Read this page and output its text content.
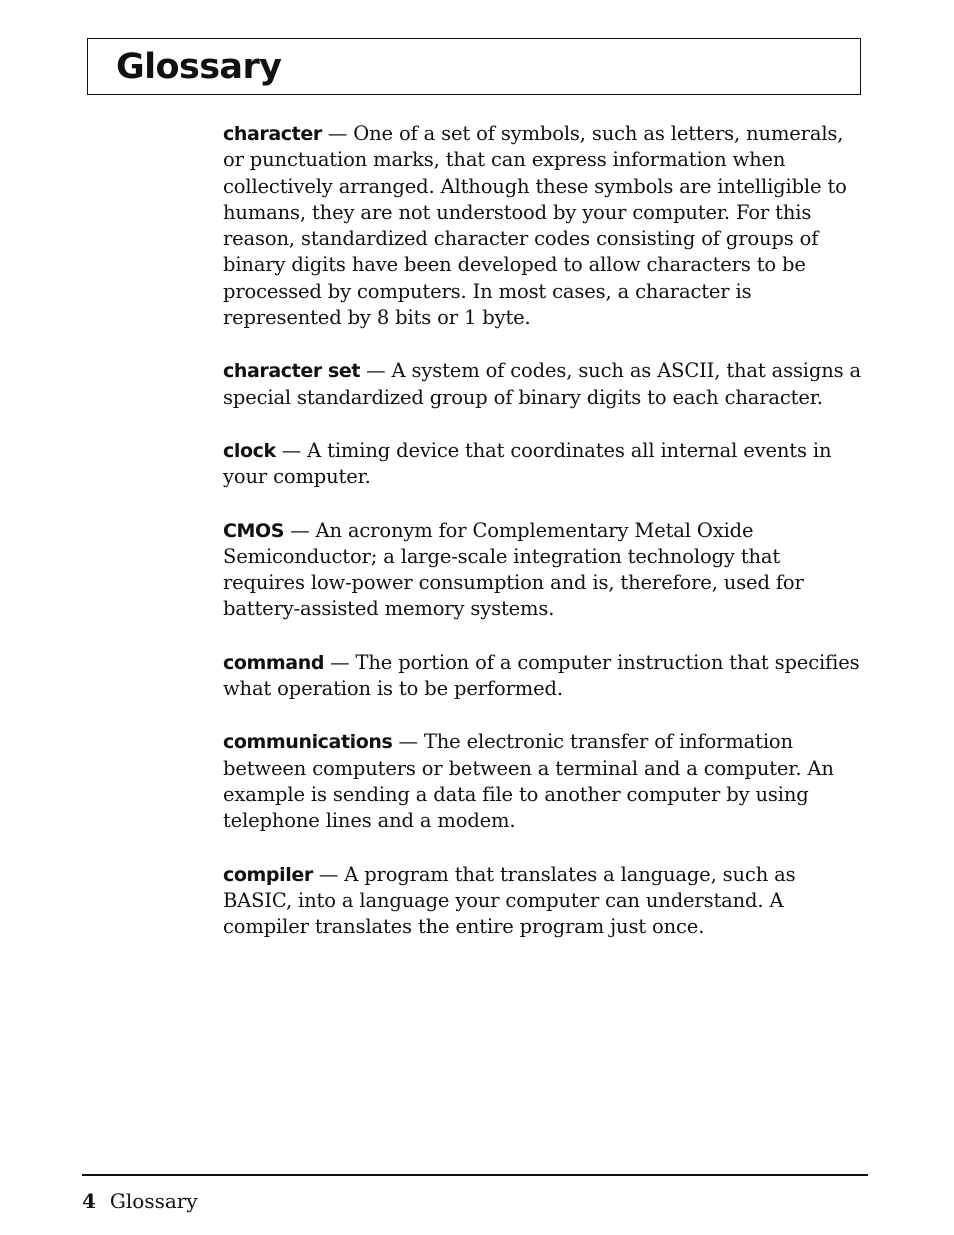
Glossary

character — One of a set of symbols, such as letters, numerals, or punctuation marks, that can express information when collectively arranged. Although these symbols are intelligible to humans, they are not understood by your computer. For this reason, standardized character codes consisting of groups of binary digits have been developed to allow characters to be processed by computers. In most cases, a character is represented by 8 bits or 1 byte.

character set — A system of codes, such as ASCII, that assigns a special standardized group of binary digits to each character.

clock — A timing device that coordinates all internal events in your computer.

CMOS — An acronym for Complementary Metal Oxide Semiconductor; a large-scale integration technology that requires low-power consumption and is, therefore, used for battery-assisted memory systems.

command — The portion of a computer instruction that specifies what operation is to be performed.

communications — The electronic transfer of information between computers or between a terminal and a computer. An example is sending a data file to another computer by using telephone lines and a modem.

compiler — A program that translates a language, such as BASIC, into a language your computer can understand. A compiler translates the entire program just once.

4 Glossary
